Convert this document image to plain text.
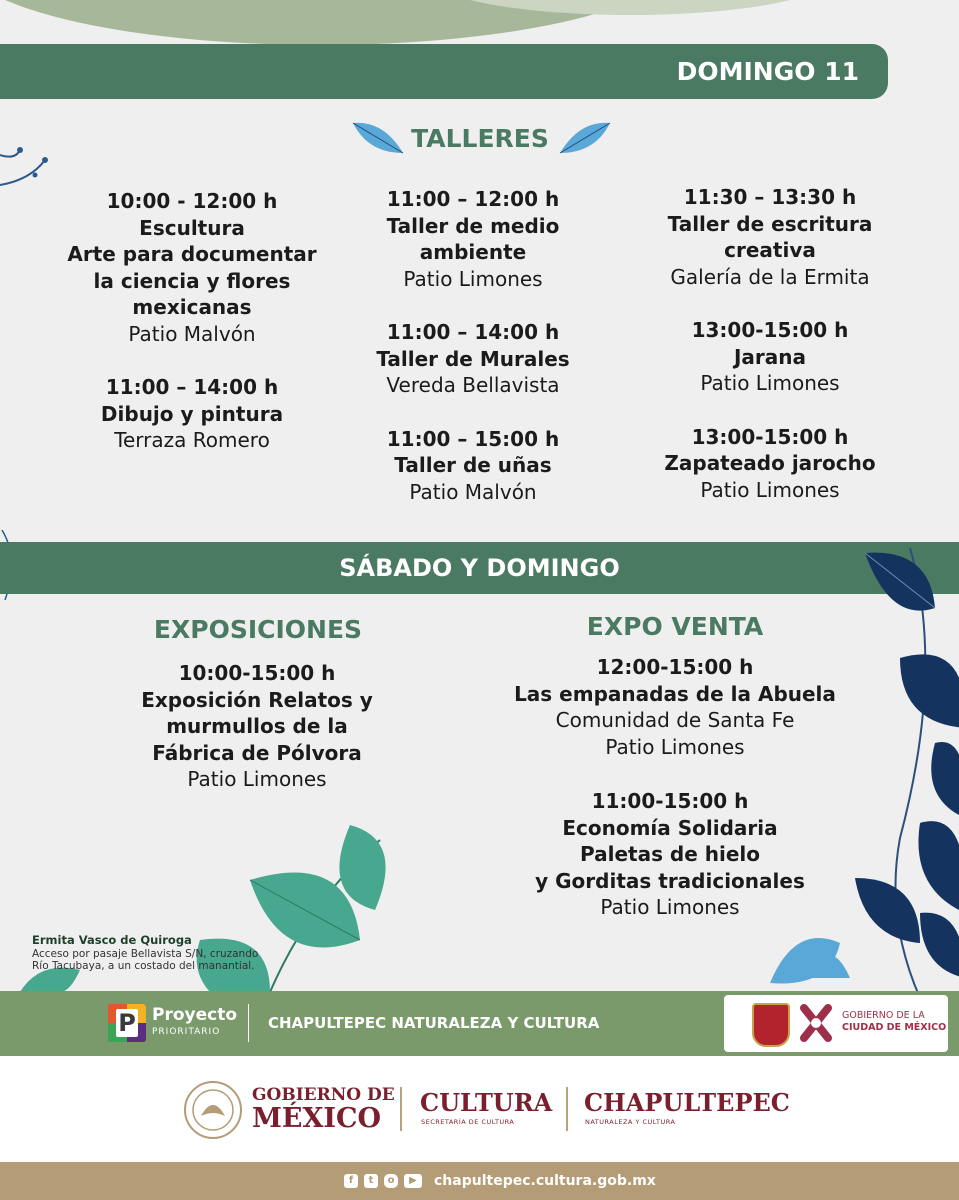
DOMINGO 11
TALLERES
10:00 - 12:00 h
Escultura
Arte para documentar
la ciencia y flores
mexicanas
Patio Malvón
11:00 – 14:00 h
Dibujo y pintura
Terraza Romero
11:00 – 12:00 h
Taller de medio
ambiente
Patio Limones
11:00 – 14:00 h
Taller de Murales
Vereda Bellavista
11:00 – 15:00 h
Taller de uñas
Patio Malvón
11:30 – 13:30 h
Taller de escritura
creativa
Galería de la Ermita
13:00-15:00 h
Jarana
Patio Limones
13:00-15:00 h
Zapateado jarocho
Patio Limones
SÁBADO Y DOMINGO
EXPOSICIONES
10:00-15:00 h
Exposición Relatos y
murmullos de la
Fábrica de Pólvora
Patio Limones
EXPO VENTA
12:00-15:00 h
Las empanadas de la Abuela
Comunidad de Santa Fe
Patio Limones
11:00-15:00 h
Economía Solidaria
Paletas de hielo
y Gorditas tradicionales
Patio Limones
Ermita Vasco de Quiroga
Acceso por pasaje Bellavista S/N, cruzando
Río Tacubaya, a un costado del manantial.
P Proyecto
PRIORITARIO	CHAPULTEPEC NATURALEZA Y CULTURA	GOBIERNO DE LA
CIUDAD DE MÉXICO
GOBIERNO DE
MÉXICO
CULTURA
SECRETARÍA DE CULTURA
CHAPULTEPEC
NATURALEZA Y CULTURA
f	t	o	▶	chapultepec.cultura.gob.mx
